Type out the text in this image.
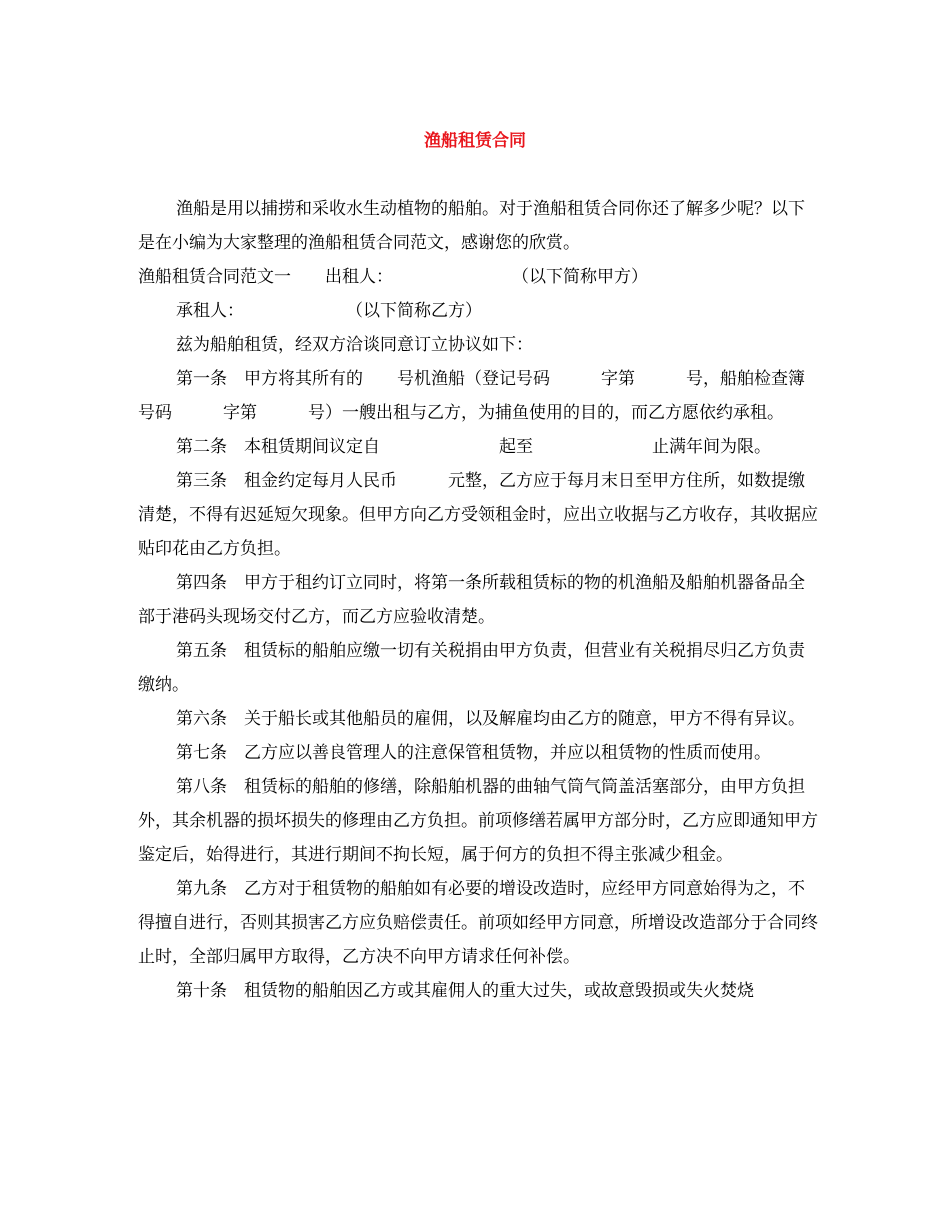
渔船租赁合同

渔船是用以捕捞和采收水生动植物的船舶。对于渔船租赁合同你还了解多少呢？以下是在小编为大家整理的渔船租赁合同范文，感谢您的欣赏。

渔船租赁合同范文一　　出租人：　　　　　　　　（以下简称甲方）

承租人：　　　　　　　（以下简称乙方）

兹为船舶租赁，经双方洽谈同意订立协议如下：

第一条　甲方将其所有的　　号机渔船（登记号码　　　字第　　　号，船舶检查簿号码　　　字第　　　号）一艘出租与乙方，为捕鱼使用的目的，而乙方愿依约承租。

第二条　本租赁期间议定自　　　　　　　起至　　　　　　　止满年间为限。

第三条　租金约定每月人民币　　　元整，乙方应于每月末日至甲方住所，如数提缴清楚，不得有迟延短欠现象。但甲方向乙方受领租金时，应出立收据与乙方收存，其收据应贴印花由乙方负担。

第四条　甲方于租约订立同时，将第一条所载租赁标的物的机渔船及船舶机器备品全部于港码头现场交付乙方，而乙方应验收清楚。

第五条　租赁标的船舶应缴一切有关税捐由甲方负责，但营业有关税捐尽归乙方负责缴纳。

第六条　关于船长或其他船员的雇佣，以及解雇均由乙方的随意，甲方不得有异议。

第七条　乙方应以善良管理人的注意保管租赁物，并应以租赁物的性质而使用。

第八条　租赁标的船舶的修缮，除船舶机器的曲轴气筒气筒盖活塞部分，由甲方负担外，其余机器的损坏损失的修理由乙方负担。前项修缮若属甲方部分时，乙方应即通知甲方鉴定后，始得进行，其进行期间不拘长短，属于何方的负担不得主张减少租金。

第九条　乙方对于租赁物的船舶如有必要的增设改造时，应经甲方同意始得为之，不得擅自进行，否则其损害乙方应负赔偿责任。前项如经甲方同意，所增设改造部分于合同终止时，全部归属甲方取得，乙方决不向甲方请求任何补偿。

第十条　租赁物的船舶因乙方或其雇佣人的重大过失，或故意毁损或失火焚烧
